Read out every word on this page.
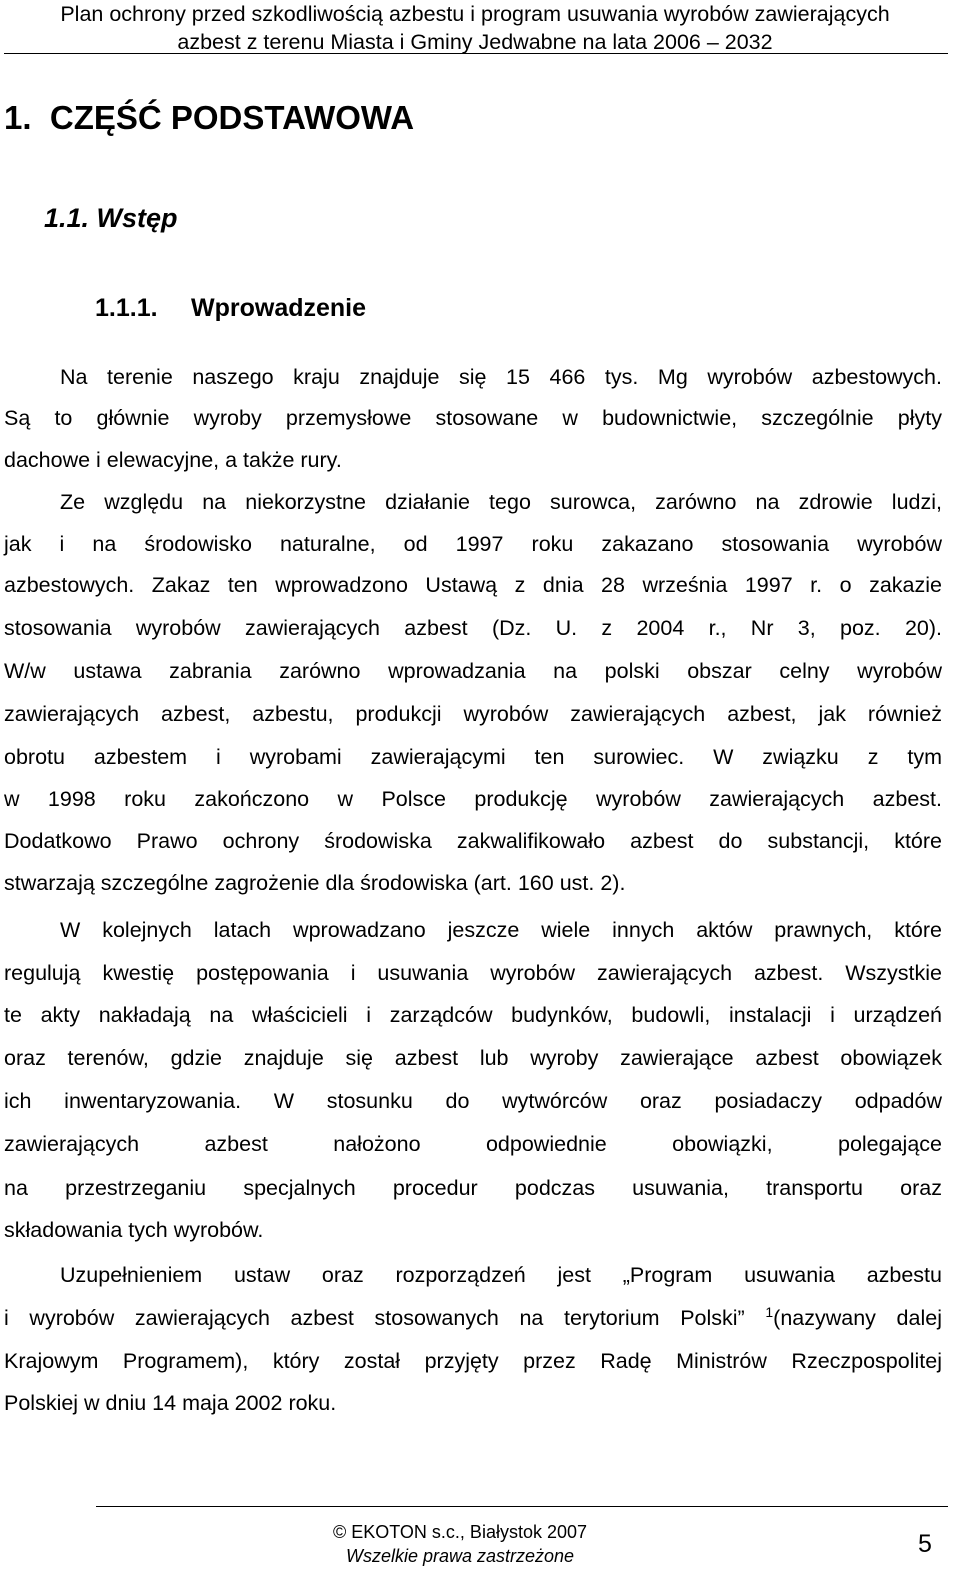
Plan ochrony przed szkodliwością azbestu i program usuwania wyrobów zawierających
azbest z terenu Miasta i Gminy Jedwabne na lata 2006 – 2032
1.  CZĘŚĆ PODSTAWOWA
1.1. Wstęp
1.1.1. Wprowadzenie
Na terenie naszego kraju znajduje się 15 466 tys. Mg wyrobów azbestowych.
Są to głównie wyroby przemysłowe stosowane w budownictwie, szczególnie płyty
dachowe i elewacyjne, a także rury.
Ze względu na niekorzystne działanie tego surowca, zarówno na zdrowie ludzi,
jak i na środowisko naturalne, od 1997 roku zakazano stosowania wyrobów
azbestowych. Zakaz ten wprowadzono Ustawą z dnia 28 września 1997 r. o zakazie
stosowania wyrobów zawierających azbest (Dz. U. z 2004 r., Nr 3, poz. 20).
W/w ustawa zabrania zarówno wprowadzania na polski obszar celny wyrobów
zawierających azbest, azbestu, produkcji wyrobów zawierających azbest, jak również
obrotu azbestem i wyrobami zawierającymi ten surowiec. W związku z tym
w 1998 roku zakończono w Polsce produkcję wyrobów zawierających azbest.
Dodatkowo Prawo ochrony środowiska zakwalifikowało azbest do substancji, które
stwarzają szczególne zagrożenie dla środowiska (art. 160 ust. 2).
W kolejnych latach wprowadzano jeszcze wiele innych aktów prawnych, które
regulują kwestię postępowania i usuwania wyrobów zawierających azbest. Wszystkie
te akty nakładają na właścicieli i zarządców budynków, budowli, instalacji i urządzeń
oraz terenów, gdzie znajduje się azbest lub wyroby zawierające azbest obowiązek
ich inwentaryzowania. W stosunku do wytwórców oraz posiadaczy odpadów
zawierających azbest nałożono odpowiednie obowiązki, polegające
na przestrzeganiu specjalnych procedur podczas usuwania, transportu oraz
składowania tych wyrobów.
Uzupełnieniem ustaw oraz rozporządzeń jest „Program usuwania azbestu
i wyrobów zawierających azbest stosowanych na terytorium Polski” $^1$(nazywany dalej
Krajowym Programem), który został przyjęty przez Radę Ministrów Rzeczpospolitej
Polskiej w dniu 14 maja 2002 roku.
© EKOTON s.c., Białystok 2007
Wszelkie prawa zastrzeżone	5
